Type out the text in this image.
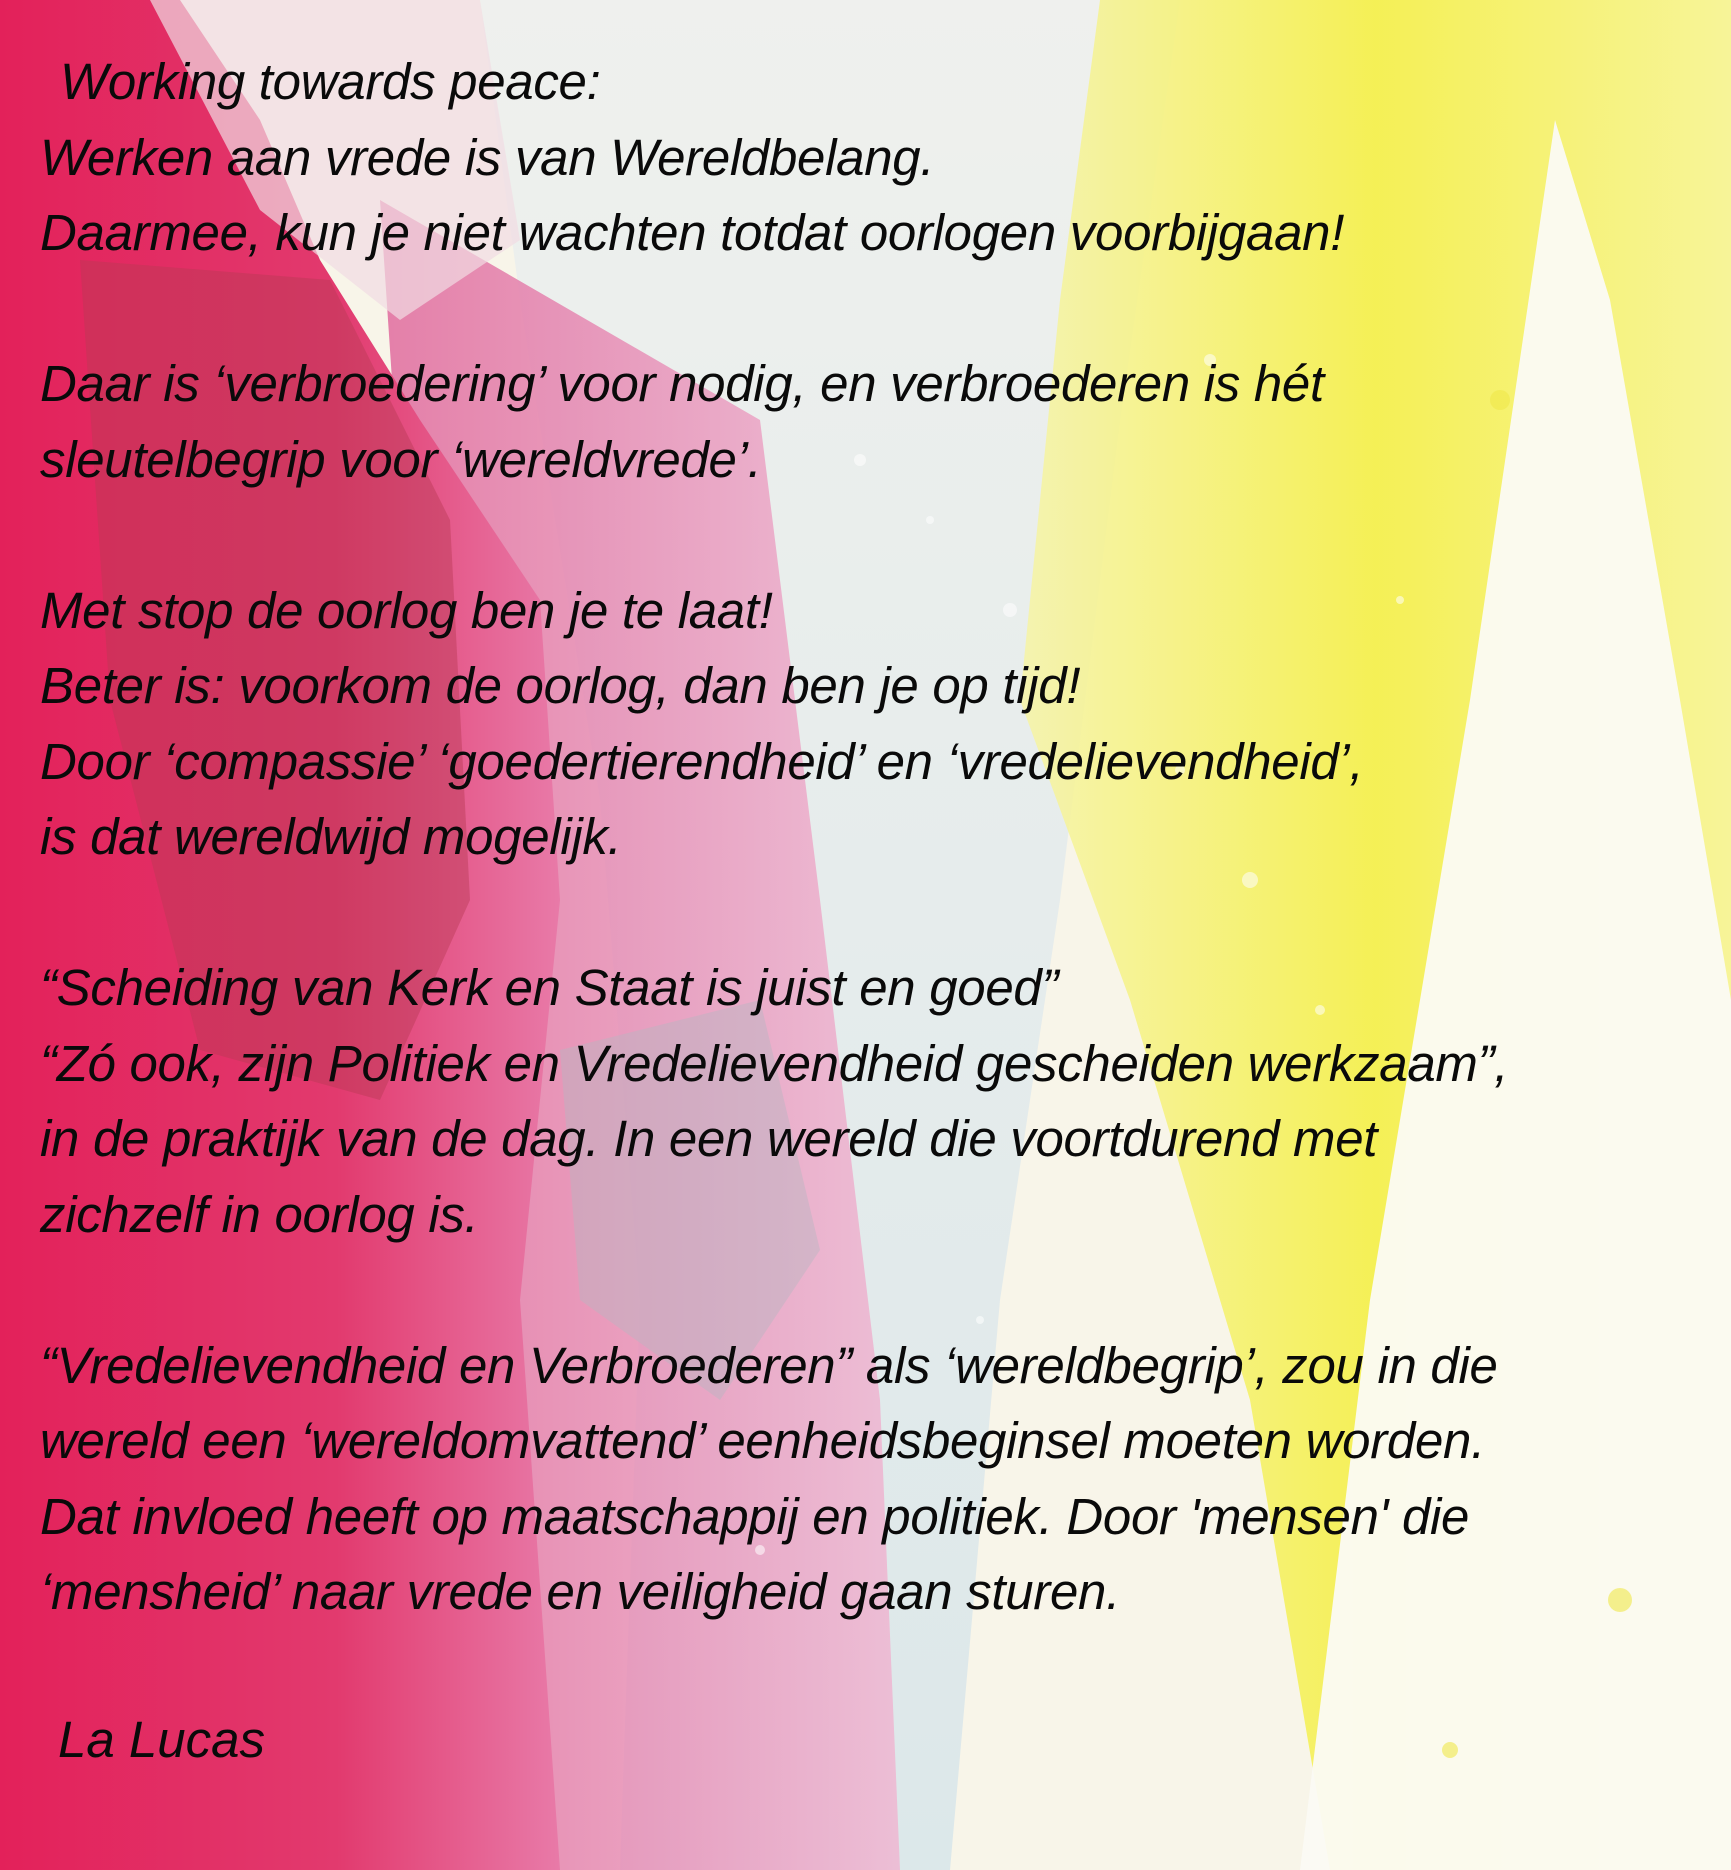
Working towards peace:
Werken aan vrede is van Wereldbelang.
Daarmee, kun je niet wachten totdat oorlogen voorbijgaan!
Daar is ‘verbroedering’ voor nodig, en verbroederen is hét
sleutelbegrip voor ‘wereldvrede’.
Met stop de oorlog ben je te laat!
Beter is: voorkom de oorlog, dan ben je op tijd!
Door ‘compassie’ ‘goedertierendheid’ en ‘vredelievendheid’,
is dat wereldwijd mogelijk.
“Scheiding van Kerk en Staat is juist en goed”
“Zó ook, zijn Politiek en Vredelievendheid gescheiden werkzaam”,
in de praktijk van de dag. In een wereld die voortdurend met
zichzelf in oorlog is.
“Vredelievendheid en Verbroederen” als ‘wereldbegrip’, zou in die
wereld een ‘wereldomvattend’ eenheidsbeginsel moeten worden.
Dat invloed heeft op maatschappij en politiek. Door 'mensen' die
‘mensheid’ naar vrede en veiligheid gaan sturen.
La Lucas
